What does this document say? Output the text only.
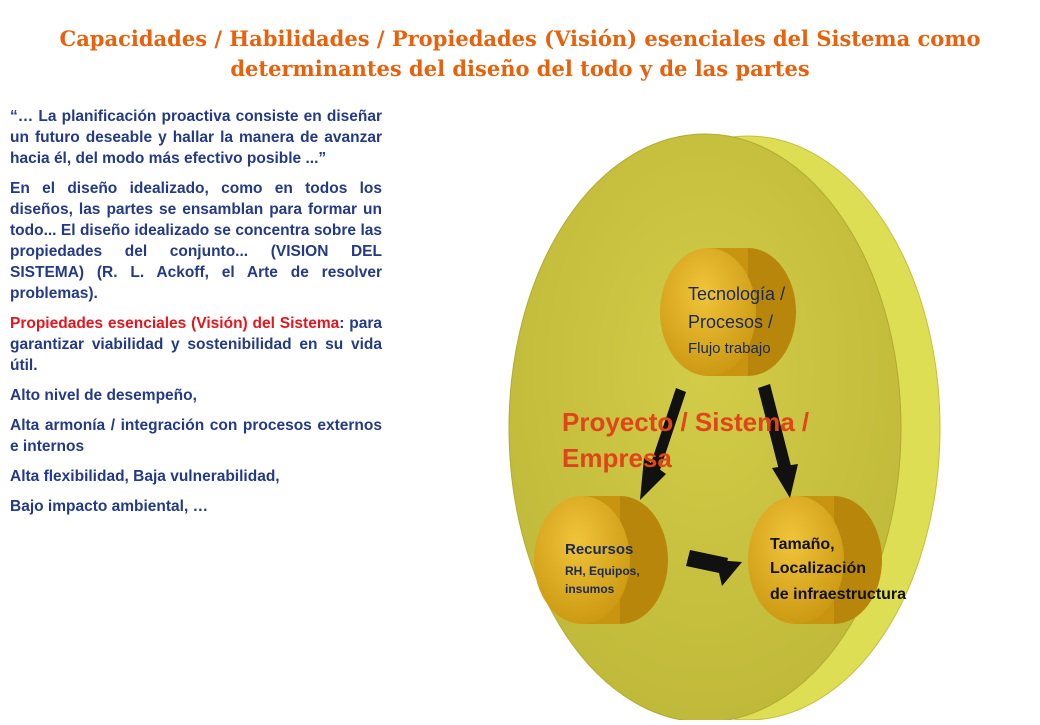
Capacidades / Habilidades / Propiedades (Visión) esenciales del Sistema como
determinantes del diseño del todo y de las partes

“… La planificación proactiva consiste en diseñar un futuro deseable y hallar la manera de avanzar hacia él, del modo más efectivo posible ...”

En el diseño idealizado, como en todos los diseños, las partes se ensamblan para formar un todo... El diseño idealizado se concentra sobre las propiedades del conjunto... (VISION DEL SISTEMA) (R. L. Ackoff, el Arte de resolver problemas).

Propiedades esenciales (Visión) del Sistema: para garantizar viabilidad y sostenibilidad en su vida útil.

Alto nivel de desempeño,

Alta armonía / integración con procesos externos e internos

Alta flexibilidad, Baja vulnerabilidad,

Bajo impacto ambiental, …

Tecnología /
Procesos /
Flujo trabajo
Proyecto / Sistema /
Empresa
Recursos
RH, Equipos,
insumos
Tamaño,
Localización
de infraestructura
